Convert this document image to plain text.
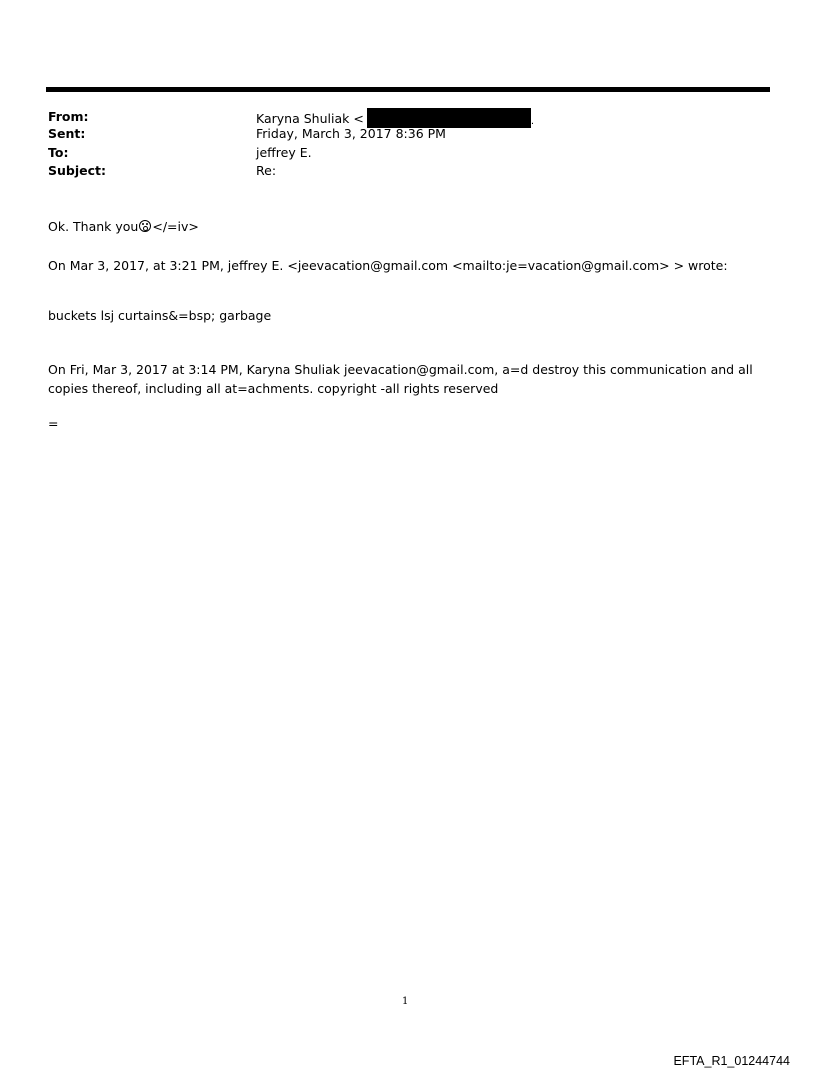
From:	Karyna Shuliak <	.
Sent:	Friday, March 3, 2017 8:36 PM
To:	jeffrey E.
Subject:	Re:
Ok. Thank you </=iv>
On Mar 3, 2017, at 3:21 PM, jeffrey E. <jeevacation@gmail.com <mailto:je=vacation@gmail.com> > wrote:
buckets lsj curtains&=bsp; garbage
On Fri, Mar 3, 2017 at 3:14 PM, Karyna Shuliak jeevacation@gmail.com, a=d destroy this communication and all copies thereof, including all at=achments. copyright -all rights reserved
=
1
EFTA_R1_01244744
